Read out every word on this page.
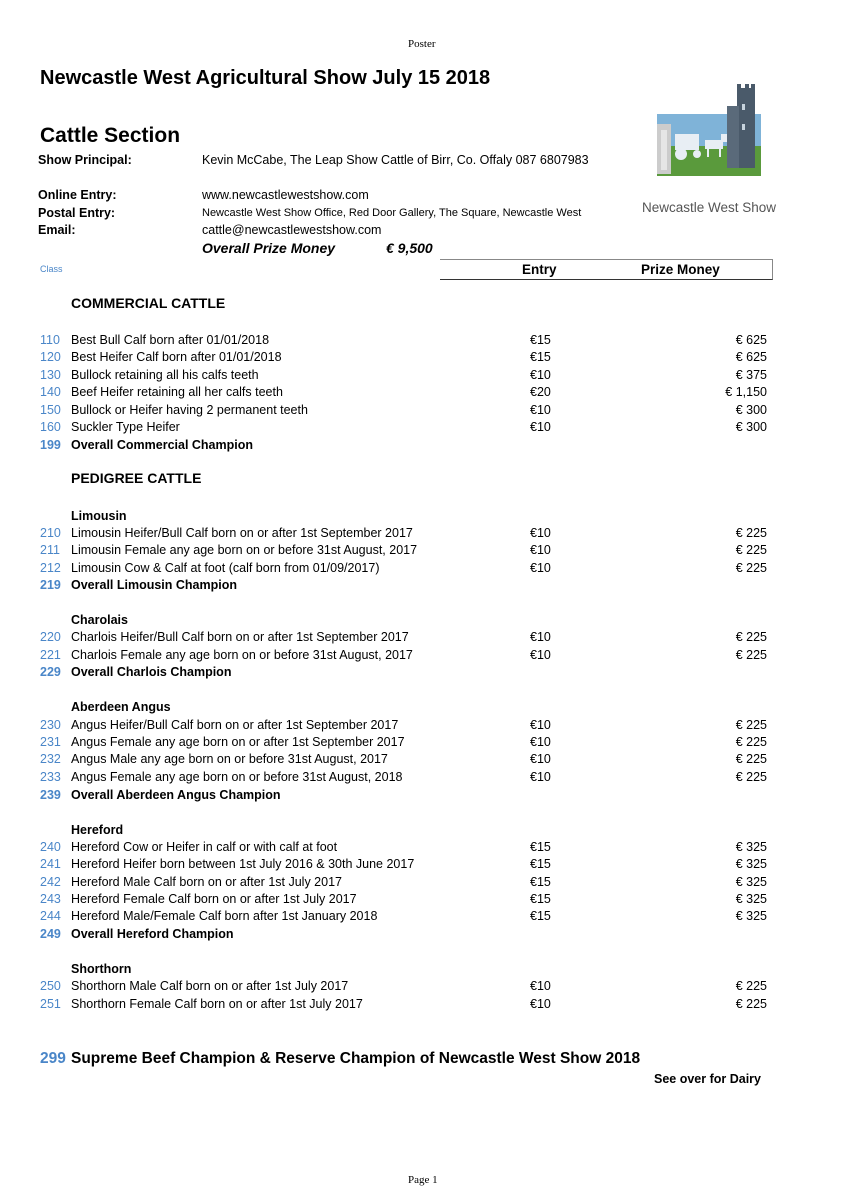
Poster
Newcastle West Agricultural Show July 15 2018
Cattle Section
Show Principal:	Kevin McCabe, The Leap Show Cattle of Birr, Co. Offaly 087 6807983
Online Entry:	www.newcastlewestshow.com
Postal Entry:	Newcastle West Show Office, Red Door Gallery, The Square, Newcastle West
Email:	cattle@newcastlewestshow.com
Overall Prize Money	€ 9,500
Newcastle West Show
Class	Entry	Prize Money
COMMERCIAL CATTLE
110 Best Bull Calf born after 01/01/2018	€15	€ 625
120 Best Heifer Calf born after 01/01/2018	€15	€ 625
130 Bullock retaining all his calfs teeth	€10	€ 375
140 Beef Heifer retaining all her calfs teeth	€20	€ 1,150
150 Bullock or Heifer having 2 permanent teeth	€10	€ 300
160 Suckler Type Heifer	€10	€ 300
199 Overall Commercial Champion
PEDIGREE CATTLE
Limousin
210 Limousin Heifer/Bull Calf born on or after 1st September 2017	€10	€ 225
211 Limousin Female any age born on or before 31st August, 2017	€10	€ 225
212 Limousin Cow & Calf at foot (calf born from 01/09/2017)	€10	€ 225
219 Overall Limousin Champion
Charolais
220 Charlois Heifer/Bull Calf born on or after 1st September 2017	€10	€ 225
221 Charlois Female any age born on or before 31st August, 2017	€10	€ 225
229 Overall Charlois Champion
Aberdeen Angus
230 Angus Heifer/Bull Calf born on or after 1st September 2017	€10	€ 225
231 Angus Female any age born on or after 1st September 2017	€10	€ 225
232 Angus Male any age born on or before 31st August, 2017	€10	€ 225
233 Angus Female any age born on or before 31st August, 2018	€10	€ 225
239 Overall Aberdeen Angus Champion
Hereford
240 Hereford Cow or Heifer in calf or with calf at foot	€15	€ 325
241 Hereford Heifer born between 1st July 2016 & 30th June 2017	€15	€ 325
242 Hereford Male Calf born on or after 1st July 2017	€15	€ 325
243 Hereford Female Calf born on or after 1st July 2017	€15	€ 325
244 Hereford Male/Female Calf born after 1st January 2018	€15	€ 325
249 Overall Hereford Champion
Shorthorn
250 Shorthorn Male Calf born on or after 1st July 2017	€10	€ 225
251 Shorthorn Female Calf born on or after 1st July 2017	€10	€ 225
299 Supreme Beef Champion & Reserve Champion of Newcastle West Show 2018
See over for Dairy
Page 1
